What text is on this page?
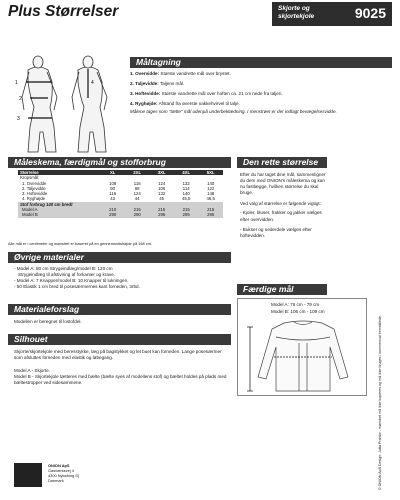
Plus Størrelser	Skjorte og
skjortekjole	9025
Måltagning
1
2
3
4
1. Overvidde: Største vandrette mål over brystet.
2. Taljevidde: Taljens mål.
3. Hoftevidde: Største vandrette mål over hoften ca. 21 cm nede fra taljen.
4. Ryghøjde: Afstand fra øverste nakkehvirvel til talje.
Målene tages som "tætte" mål udenpå underbeklædning. I menstrøet er der indlagt bevægelsesvidde.
Måleskema, færdigmål og stofforbrug
Størrelse	XL	2XL	3XL	4XL	5XL
Kropsmål:					
1. Overvidde	108	116	124	132	140
2. Taljevidde	90	98	106	114	122
3. Hoftevidde	116	124	132	140	148
4. Ryghøjde	43	44	45	45,5	46,5
Stof forbrug 140 cm bredt					
Model A	210	215	215	215	215
Model B	290	290	295	295	295
Alle mål er i centimeter og mønstret er baseret på en gennemsnitshøjde på 168 cm.
Øvrige materialer
- Model A: 80 cm Strygeindlæg/model B: 120 cm
Strygeindlæg til afstivning af forkanter og krave.
- Model A: 7 Knapper/model B: 10 Knapper til lukningen.
- 50 Elastik 1 cm bred til posesærmernes kant forneden, 3rbd.
Materialeforslag
Modellen er beregnet til lostofdel.
Silhouet
Skjorte/skjortekjole med beresstykke, læg på bagstykket og let buet kan forneden. Lange posesærmer som afsluttes forneden med elastik og løbegang.
Model A - Skjorte.
Model B - Skjortekjole tætteres med bælte (bælte syes af modellens stof) og bæltet holdes på plads med bæltestropper ved sidesømmene.
ONION ApS
Gasværksvej 4
4300 Nykøbing Sj
Danmark
Den rette størrelse
Efter du har taget dine mål, sammenligner du dem med ONION's måleskema og kan nu fastlægge, hvilken størrelse du skal bruge.
Ved valg af størrelse er følgende vigtigt:
- Kjoler, bluser, frakker og jakker vælges efter overvidden.
- Bukser og nederdele vælges efter hoftevidden.
Færdige mål
Model A: 76 cm - 79 cm
Model B: 106 cm - 109 cm
© ONION ApS Design: Jutta Prahtor - mønstret må ikke kopieres og må ikke bruges i kommercial fremstillede.
